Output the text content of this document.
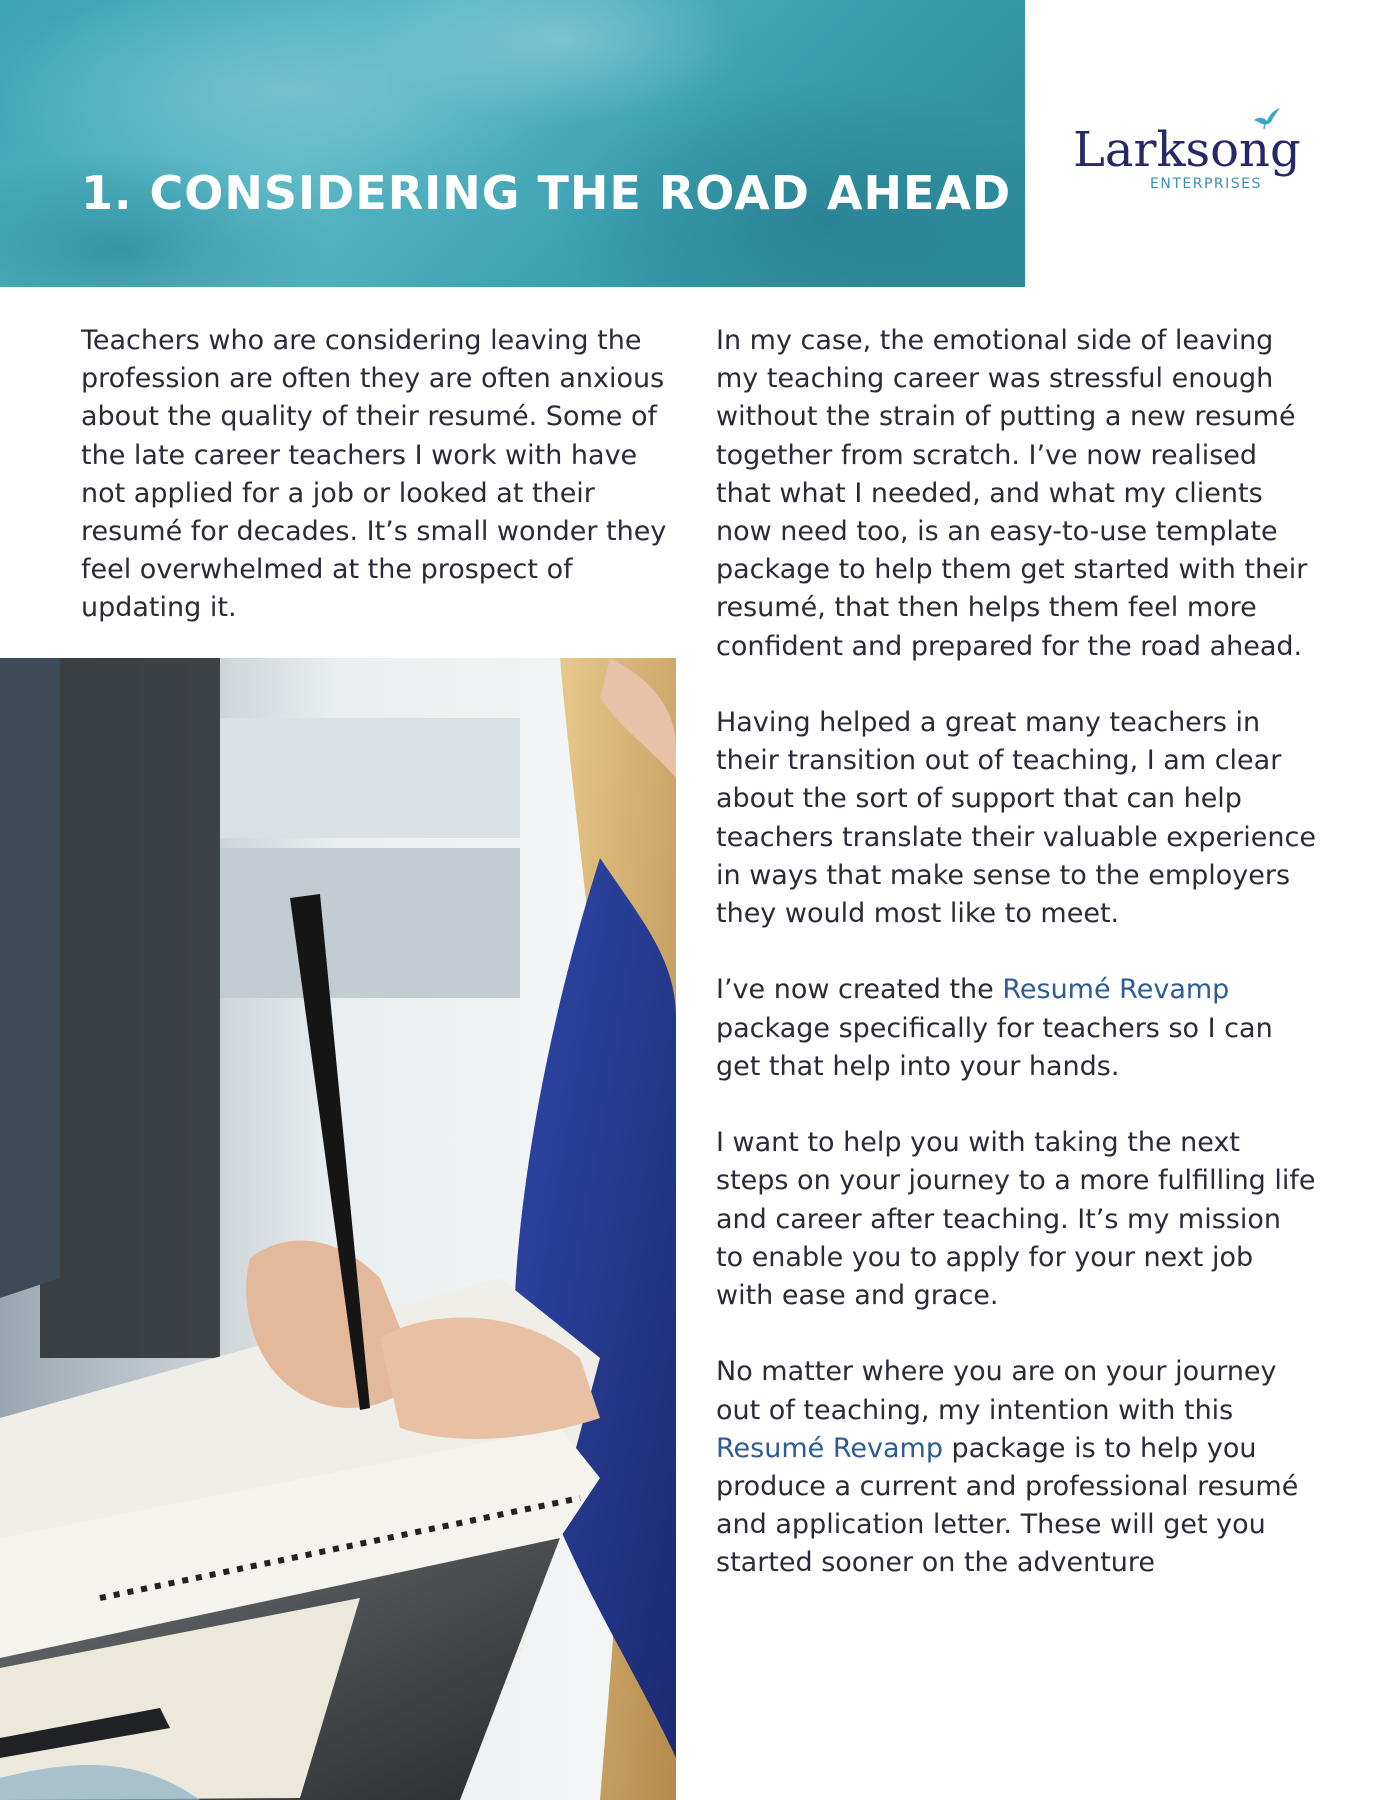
1. CONSIDERING THE ROAD AHEAD
Larksong
ENTERPRISES

Teachers who are considering leaving the profession are often they are often anxious about the quality of their resumé. Some of the late career teachers I work with have not applied for a job or looked at their resumé for decades. It’s small wonder they feel overwhelmed at the prospect of updating it.

In my case, the emotional side of leaving my teaching career was stressful enough without the strain of putting a new resumé together from scratch. I’ve now realised that what I needed, and what my clients now need too, is an easy-to-use template package to help them get started with their resumé, that then helps them feel more confident and prepared for the road ahead.

Having helped a great many teachers in their transition out of teaching, I am clear about the sort of support that can help teachers translate their valuable experience in ways that make sense to the employers they would most like to meet.

I’ve now created the Resumé Revamp package specifically for teachers so I can get that help into your hands.

I want to help you with taking the next steps on your journey to a more fulfilling life and career after teaching. It’s my mission to enable you to apply for your next job with ease and grace.

No matter where you are on your journey out of teaching, my intention with this Resumé Revamp package is to help you produce a current and professional resumé and application letter. These will get you started sooner on the adventure
